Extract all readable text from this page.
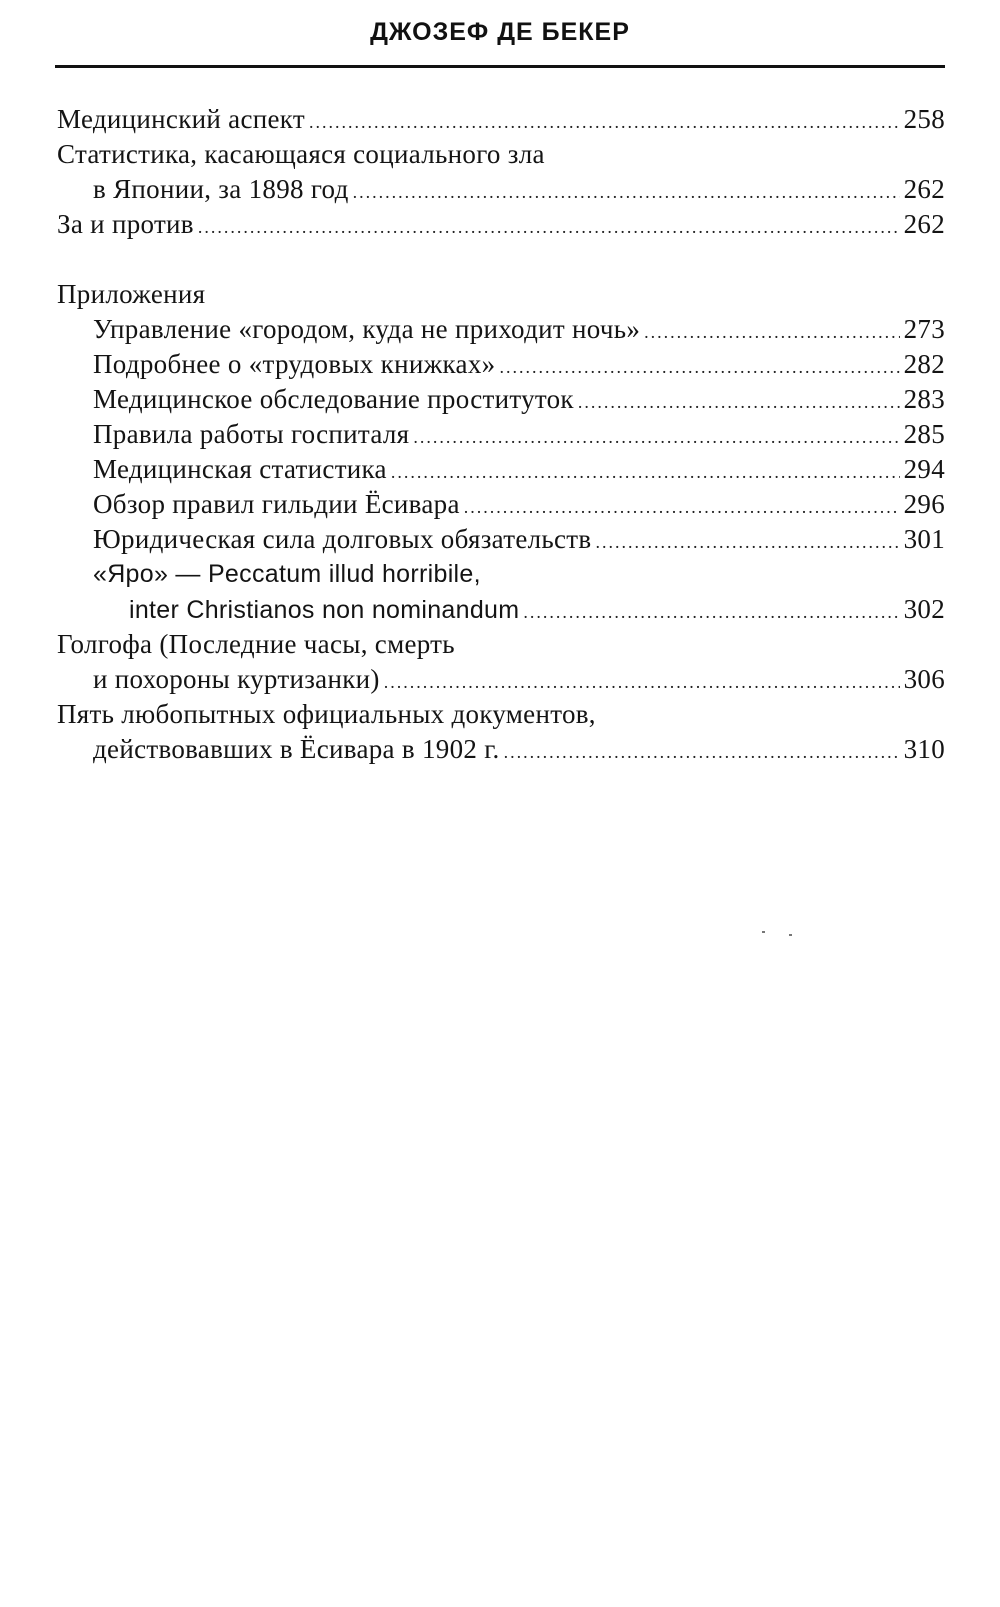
ДЖОЗЕФ ДЕ БЕКЕР
Медицинский аспект .....	258
Статистика, касающаяся социального зла
в Японии, за 1898 год .....	262
За и против .....	262
Приложения
Управление «городом, куда не приходит ночь» .....	273
Подробнее о «трудовых книжках» .....	282
Медицинское обследование проституток .....	283
Правила работы госпиталя .....	285
Медицинская статистика .....	294
Обзор правил гильдии Ёсивара .....	296
Юридическая сила долговых обязательств .....	301
«Яро» — Peccatum illud horribile,
inter Christianos non nominandum .....	302
Голгофа (Последние часы, смерть
и похороны куртизанки) .....	306
Пять любопытных официальных документов,
действовавших в Ёсивара в 1902 г. .....	310
